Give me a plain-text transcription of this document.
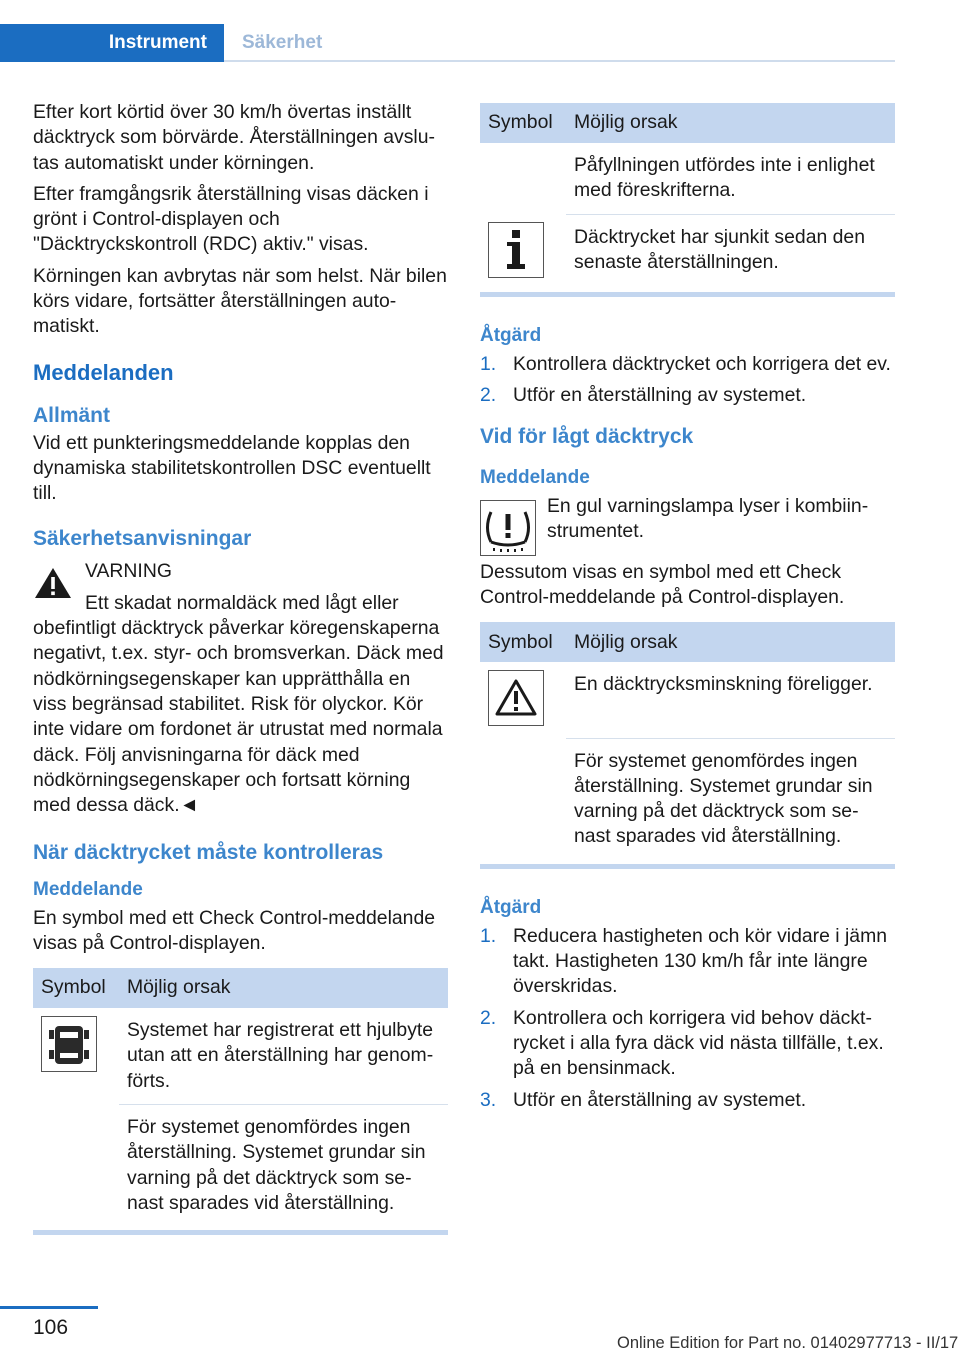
Instrument	Säkerhet

Efter kort körtid över 30 km/h övertas inställt däcktryck som börvärde. Återställningen avslutas automatiskt under körningen.

Efter framgångsrik återställning visas däcken i grönt i Control-displayen och "Däcktryckskontroll (RDC) aktiv." visas.

Körningen kan avbrytas när som helst. När bilen körs vidare, fortsätter återställningen automatiskt.

Meddelanden
Allmänt

Vid ett punkteringsmeddelande kopplas den dynamiska stabilitetskontrollen DSC eventuellt till.

Säkerhetsanvisningar

VARNING

Ett skadat normaldäck med lågt eller

obefintligt däcktryck påverkar köregenskaperna negativt, t.ex. styr- och bromsverkan. Däck med nödkörningsegenskaper kan upprätthålla en viss begränsad stabilitet. Risk för olyckor. Kör inte vidare om fordonet är utrustat med normala däck. Följ anvisningarna för däck med nödkörningsegenskaper och fortsatt körning med dessa däck.◄

När däcktrycket måste kontrolleras
Meddelande

En symbol med ett Check Control-meddelande visas på Control-displayen.

Symbol	Möjlig orsak

	Systemet har registrerat ett hjulbyte utan att en återställning har genomförts.
	För systemet genomfördes ingen återställning. Systemet grundar sin varning på det däcktryck som senast sparades vid återställning.
Symbol	Möjlig orsak
	Påfyllningen utfördes inte i enlighet med föreskrifterna.

	Däcktrycket har sjunkit sedan den senaste återställningen.
Åtgärd
1. Kontrollera däcktrycket och korrigera det ev.
2. Utför en återställning av systemet.
Vid för lågt däcktryck
Meddelande

En gul varningslampa lyser i kombiinstrumentet.

Dessutom visas en symbol med ett Check Control-meddelande på Control-displayen.

Symbol	Möjlig orsak

	En däcktrycksminskning föreligger.
	För systemet genomfördes ingen återställning. Systemet grundar sin varning på det däcktryck som senast sparades vid återställning.
Åtgärd
1. Reducera hastigheten och kör vidare i jämn takt. Hastigheten 130 km/h får inte längre överskridas.
2. Kontrollera och korrigera vid behov däcktrycket i alla fyra däck vid nästa tillfälle, t.ex. på en bensinmack.
3. Utför en återställning av systemet.
106
Online Edition for Part no. 01402977713 - II/17
